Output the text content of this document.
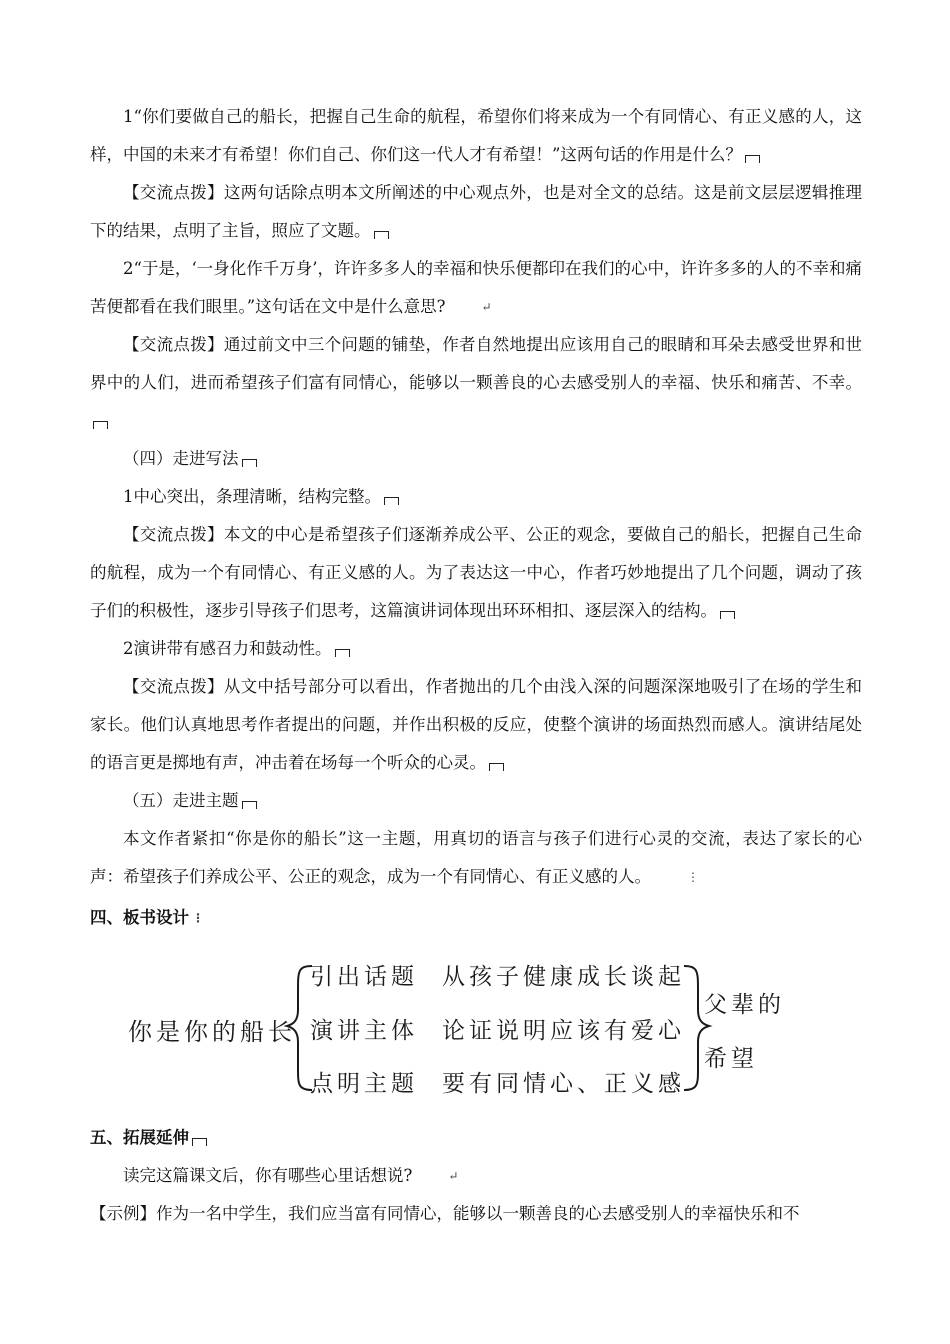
1“你们要做自己的船长，把握自己生命的航程，希望你们将来成为一个有同情心、有正义感的人，这样，中国的未来才有希望！你们自己、你们这一代人才有希望！”这两句话的作用是什么？

【交流点拨】这两句话除点明本文所阐述的中心观点外，也是对全文的总结。这是前文层层逻辑推理下的结果，点明了主旨，照应了文题。

2“于是，‘一身化作千万身’，许许多多人的幸福和快乐便都印在我们的心中，许许多多的人的不幸和痛苦便都看在我们眼里。”这句话在文中是什么意思?	↵

【交流点拨】通过前文中三个问题的铺垫，作者自然地提出应该用自己的眼睛和耳朵去感受世界和世界中的人们，进而希望孩子们富有同情心，能够以一颗善良的心去感受别人的幸福、快乐和痛苦、不幸。

（四）走进写法

1中心突出，条理清晰，结构完整。

【交流点拨】本文的中心是希望孩子们逐渐养成公平、公正的观念，要做自己的船长，把握自己生命的航程，成为一个有同情心、有正义感的人。为了表达这一中心，作者巧妙地提出了几个问题，调动了孩子们的积极性，逐步引导孩子们思考，这篇演讲词体现出环环相扣、逐层深入的结构。

2演讲带有感召力和鼓动性。

【交流点拨】从文中括号部分可以看出，作者抛出的几个由浅入深的问题深深地吸引了在场的学生和家长。他们认真地思考作者提出的问题，并作出积极的反应，使整个演讲的场面热烈而感人。演讲结尾处的语言更是掷地有声，冲击着在场每一个听众的心灵。

（五）走进主题

本文作者紧扣“你是你的船长”这一主题，用真切的语言与孩子们进行心灵的交流，表达了家长的心声：希望孩子们养成公平、公正的观念，成为一个有同情心、有正义感的人。	⋮

四、板书设计 ⋮
你是你的船长
引出话题 从孩子健康成长谈起
演讲主体 论证说明应该有爱心
点明主题 要有同情心、正义感
父辈的
希望
五、拓展延伸

读完这篇课文后，你有哪些心里话想说?	↵

【示例】作为一名中学生，我们应当富有同情心，能够以一颗善良的心去感受别人的幸福快乐和不
